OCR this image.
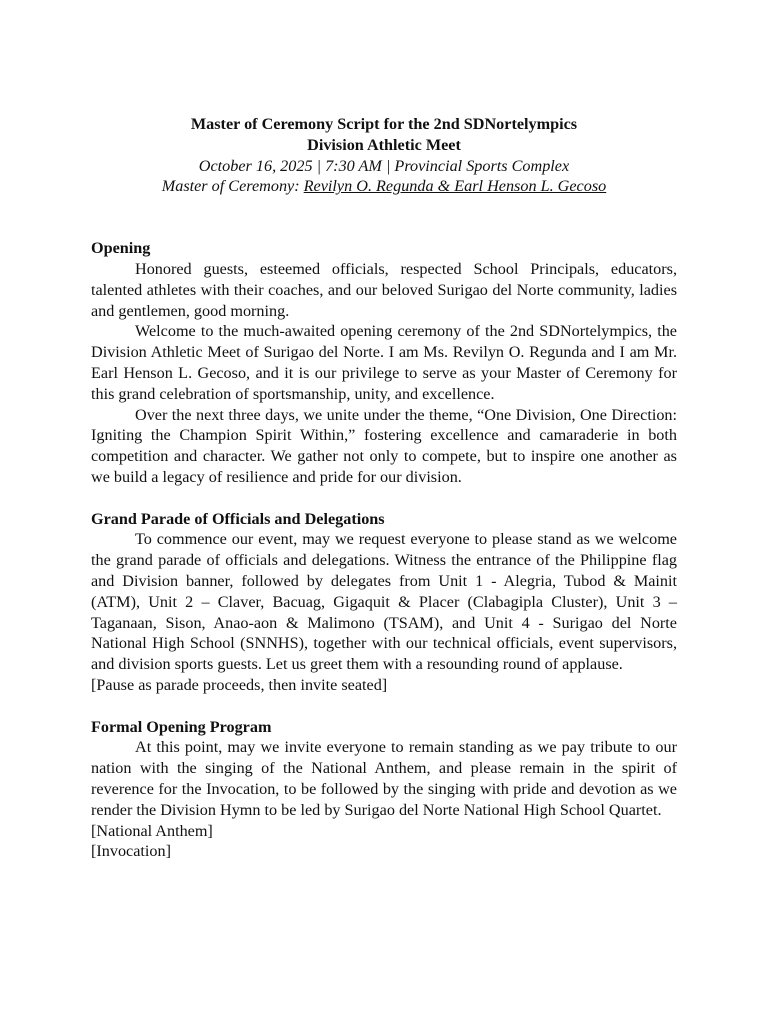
Master of Ceremony Script for the 2nd SDNortelympics
Division Athletic Meet
October 16, 2025 | 7:30 AM | Provincial Sports Complex
Master of Ceremony: Revilyn O. Regunda & Earl Henson L. Gecoso
Opening
Honored guests, esteemed officials, respected School Principals, educators, talented athletes with their coaches, and our beloved Surigao del Norte community, ladies and gentlemen, good morning.
Welcome to the much-awaited opening ceremony of the 2nd SDNortelympics, the Division Athletic Meet of Surigao del Norte. I am Ms. Revilyn O. Regunda and I am Mr. Earl Henson L. Gecoso, and it is our privilege to serve as your Master of Ceremony for this grand celebration of sportsmanship, unity, and excellence.
Over the next three days, we unite under the theme, “One Division, One Direction: Igniting the Champion Spirit Within,” fostering excellence and camaraderie in both competition and character. We gather not only to compete, but to inspire one another as we build a legacy of resilience and pride for our division.
Grand Parade of Officials and Delegations
To commence our event, may we request everyone to please stand as we welcome the grand parade of officials and delegations. Witness the entrance of the Philippine flag and Division banner, followed by delegates from Unit 1 - Alegria, Tubod & Mainit (ATM), Unit 2 – Claver, Bacuag, Gigaquit & Placer (Clabagipla Cluster), Unit 3 – Taganaan, Sison, Anao-aon & Malimono (TSAM), and Unit 4 - Surigao del Norte National High School (SNNHS), together with our technical officials, event supervisors, and division sports guests. Let us greet them with a resounding round of applause.
[Pause as parade proceeds, then invite seated]
Formal Opening Program
At this point, may we invite everyone to remain standing as we pay tribute to our nation with the singing of the National Anthem, and please remain in the spirit of reverence for the Invocation, to be followed by the singing with pride and devotion as we render the Division Hymn to be led by Surigao del Norte National High School Quartet.
[National Anthem]
[Invocation]
